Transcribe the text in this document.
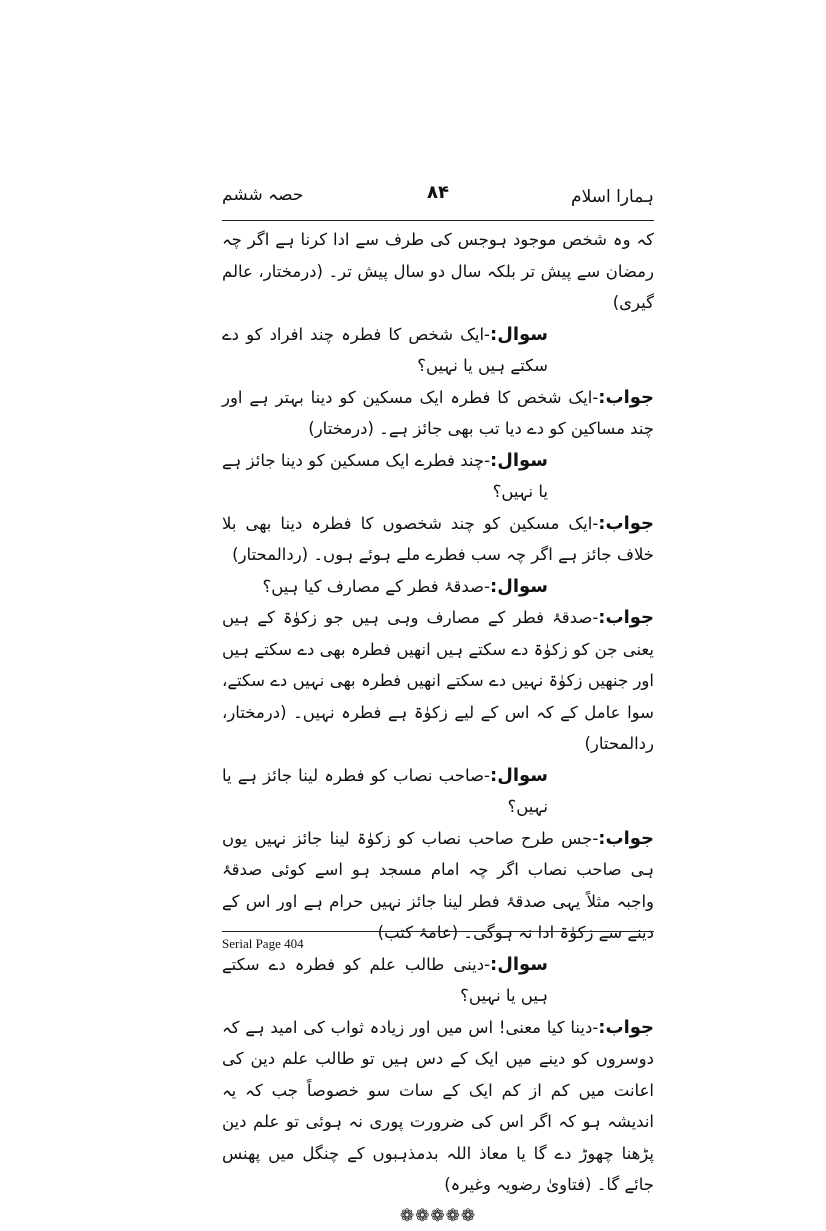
ہمارا اسلام
۸۴
حصہ ششم

کہ وہ شخص موجود ہوجس کی طرف سے ادا کرنا ہے اگر چہ رمضان سے پیش تر بلکہ سال دو سال پیش تر۔ (درمختار، عالم گیری)

سوال:-ایک شخص کا فطرہ چند افراد کو دے سکتے ہیں یا نہیں؟

جواب:-ایک شخص کا فطرہ ایک مسکین کو دینا بہتر ہے اور چند مساکین کو دے دیا تب بھی جائز ہے۔ (درمختار)

سوال:-چند فطرے ایک مسکین کو دینا جائز ہے یا نہیں؟

جواب:-ایک مسکین کو چند شخصوں کا فطرہ دینا بھی بلا خلاف جائز ہے اگر چہ سب فطرے ملے ہوئے ہوں۔ (ردالمحتار)

سوال:-صدقۂ فطر کے مصارف کیا ہیں؟

جواب:-صدقۂ فطر کے مصارف وہی ہیں جو زکوٰۃ کے ہیں یعنی جن کو زکوٰۃ دے سکتے ہیں انھیں فطرہ بھی دے سکتے ہیں اور جنھیں زکوٰۃ نہیں دے سکتے انھیں فطرہ بھی نہیں دے سکتے، سوا عامل کے کہ اس کے لیے زکوٰۃ ہے فطرہ نہیں۔ (درمختار، ردالمحتار)

سوال:-صاحب نصاب کو فطرہ لینا جائز ہے یا نہیں؟

جواب:-جس طرح صاحب نصاب کو زکوٰۃ لینا جائز نہیں یوں ہی صاحب نصاب اگر چہ امام مسجد ہو اسے کوئی صدقۂ واجبہ مثلاً یہی صدقۂ فطر لینا جائز نہیں حرام ہے اور اس کے دینے سے زکوٰۃ ادا نہ ہوگی۔ (عامۂ کتب)

سوال:-دینی طالب علم کو فطرہ دے سکتے ہیں یا نہیں؟

جواب:-دینا کیا معنی! اس میں اور زیادہ ثواب کی امید ہے کہ دوسروں کو دینے میں ایک کے دس ہیں تو طالب علم دین کی اعانت میں کم از کم ایک کے سات سو خصوصاً جب کہ یہ اندیشہ ہو کہ اگر اس کی ضرورت پوری نہ ہوئی تو علم دین پڑھنا چھوڑ دے گا یا معاذ اللہ بدمذہبوں کے چنگل میں پھنس جائے گا۔ (فتاویٰ رضویہ وغیرہ)

❁❁❁❁❁

Serial Page 404
